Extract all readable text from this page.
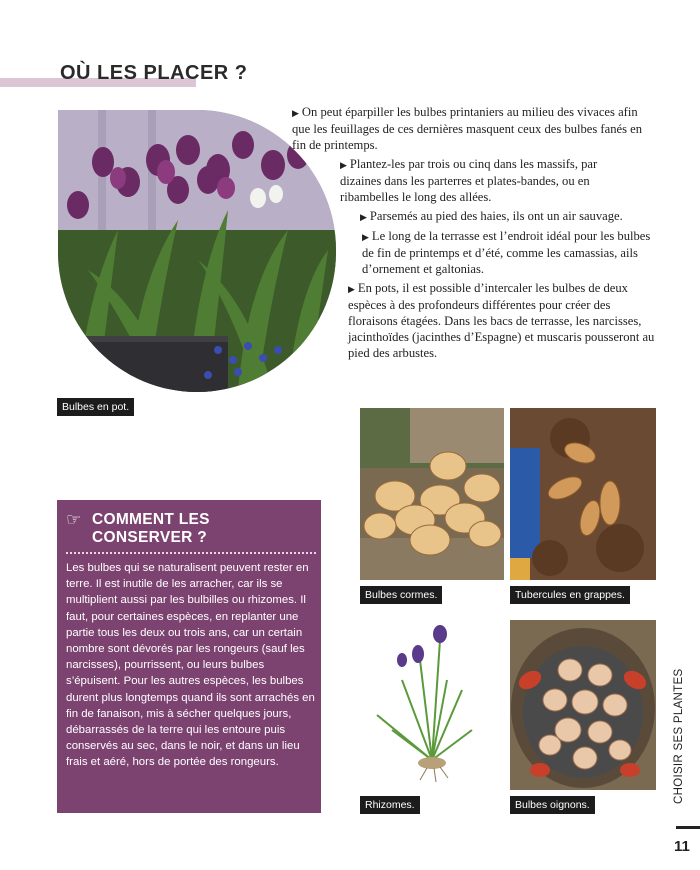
OÙ LES PLACER ?
Bulbes en pot.
▶ On peut éparpiller les bulbes printaniers au milieu des vivaces afin que les feuillages de ces dernières masquent ceux des bulbes fanés en fin de printemps.
▶ Plantez-les par trois ou cinq dans les massifs, par dizaines dans les parterres et plates-bandes, ou en ribambelles le long des allées.
▶ Parsemés au pied des haies, ils ont un air sauvage.
▶ Le long de la terrasse est l’endroit idéal pour les bulbes de fin de printemps et d’été, comme les camassias, ails d’ornement et galtonias.
▶ En pots, il est possible d’intercaler les bulbes de deux espèces à des profondeurs différentes pour créer des floraisons étagées. Dans les bacs de terrasse, les narcisses, jacinthoïdes (jacinthes d’Espagne) et muscaris pousseront au pied des arbustes.
☞ COMMENT LES
CONSERVER ?
Les bulbes qui se naturalisent peuvent rester en terre. Il est inutile de les arracher, car ils se multiplient aussi par les bulbilles ou rhizomes. Il faut, pour certaines espèces, en replanter une partie tous les deux ou trois ans, car un certain nombre sont dévorés par les rongeurs (sauf les narcisses), pourrissent, ou leurs bulbes s’épuisent. Pour les autres espèces, les bulbes durent plus longtemps quand ils sont arrachés en fin de fanaison, mis à sécher quelques jours, débarrassés de la terre qui les entoure puis conservés au sec, dans le noir, et dans un lieu frais et aéré, hors de portée des rongeurs.
Bulbes cormes.	Tubercules en grappes.
Rhizomes.	Bulbes oignons.
CHOISIR SES PLANTES
11
